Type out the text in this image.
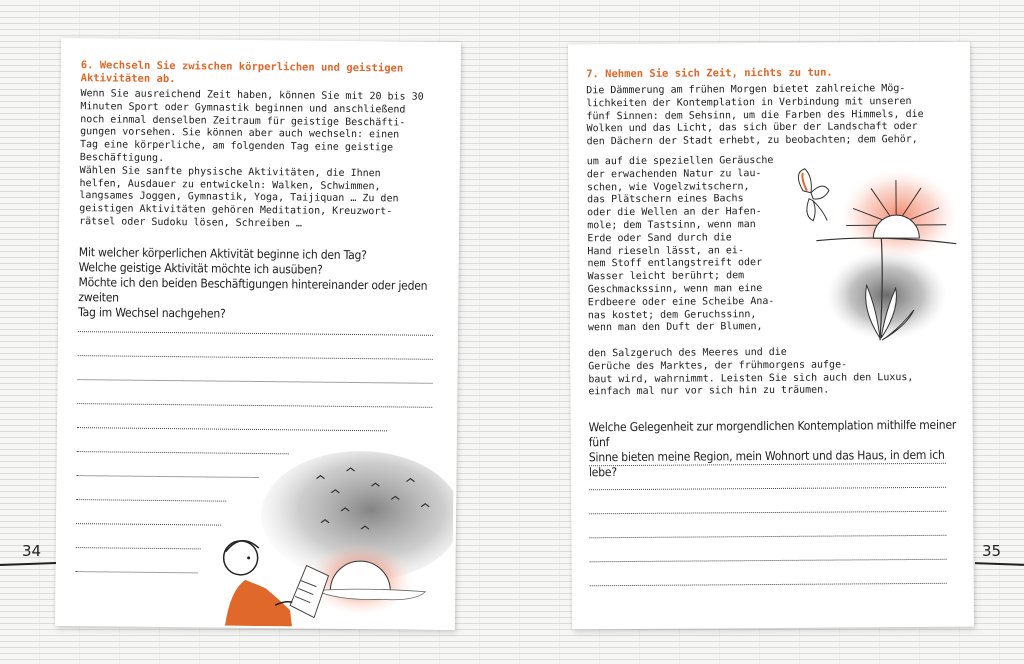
6. Wechseln Sie zwischen körperlichen und geistigen
Aktivitäten ab.

Wenn Sie ausreichend Zeit haben, können Sie mit 20 bis 30
Minuten Sport oder Gymnastik beginnen und anschließend
noch einmal denselben Zeitraum für geistige Beschäfti-
gungen vorsehen. Sie können aber auch wechseln: einen
Tag eine körperliche, am folgenden Tag eine geistige
Beschäftigung.
Wählen Sie sanfte physische Aktivitäten, die Ihnen
helfen, Ausdauer zu entwickeln: Walken, Schwimmen,
langsames Joggen, Gymnastik, Yoga, Taijiquan … Zu den
geistigen Aktivitäten gehören Meditation, Kreuzwort-
rätsel oder Sudoku lösen, Schreiben …

Mit welcher körperlichen Aktivität beginne ich den Tag?
Welche geistige Aktivität möchte ich ausüben?
Möchte ich den beiden Beschäftigungen hintereinander oder jeden zweiten
Tag im Wechsel nachgehen?

7. Nehmen Sie sich Zeit, nichts zu tun.

Die Dämmerung am frühen Morgen bietet zahlreiche Mög-
lichkeiten der Kontemplation in Verbindung mit unseren
fünf Sinnen: dem Sehsinn, um die Farben des Himmels, die
Wolken und das Licht, das sich über der Landschaft oder
den Dächern der Stadt erhebt, zu beobachten; dem Gehör,

um auf die speziellen Geräusche
der erwachenden Natur zu lau-
schen, wie Vogelzwitschern,
das Plätschern eines Bachs
oder die Wellen an der Hafen-
mole; dem Tastsinn, wenn man
Erde oder Sand durch die
Hand rieseln lässt, an ei-
nem Stoff entlangstreift oder
Wasser leicht berührt; dem
Geschmackssinn, wenn man eine
Erdbeere oder eine Scheibe Ana-
nas kostet; dem Geruchssinn,
wenn man den Duft der Blumen,

den Salzgeruch des Meeres und die
Gerüche des Marktes, der frühmorgens aufge-
baut wird, wahrnimmt. Leisten Sie sich auch den Luxus,
einfach mal nur vor sich hin zu träumen.

Welche Gelegenheit zur morgendlichen Kontemplation mithilfe meiner fünf
Sinne bieten meine Region, mein Wohnort und das Haus, in dem ich lebe?
34	35
